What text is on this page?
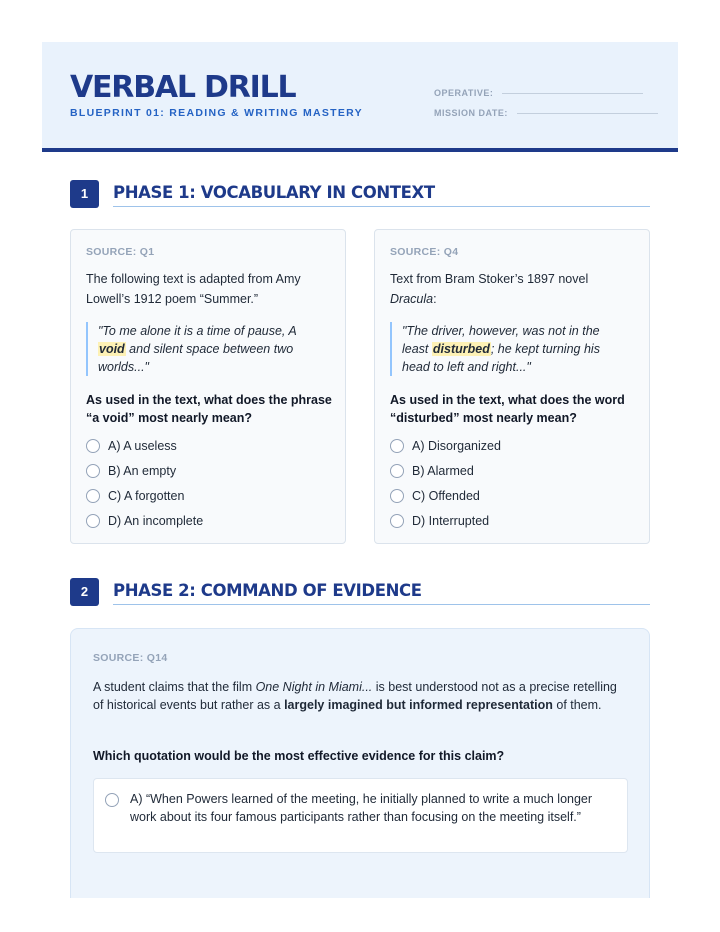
VERBAL DRILL
BLUEPRINT 01: READING & WRITING MASTERY
OPERATIVE:
MISSION DATE:
1	PHASE 1: VOCABULARY IN CONTEXT
SOURCE: Q1
The following text is adapted from Amy Lowell’s 1912 poem “Summer.”
"To me alone it is a time of pause, A void and silent space between two worlds..."
As used in the text, what does the phrase “a void” most nearly mean?
A) A useless
B) An empty
C) A forgotten
D) An incomplete
SOURCE: Q4
Text from Bram Stoker’s 1897 novel Dracula:
"The driver, however, was not in the least disturbed; he kept turning his head to left and right..."
As used in the text, what does the word “disturbed” most nearly mean?
A) Disorganized
B) Alarmed
C) Offended
D) Interrupted
2	PHASE 2: COMMAND OF EVIDENCE
SOURCE: Q14
A student claims that the film One Night in Miami... is best understood not as a precise retelling of historical events but rather as a largely imagined but informed representation of them.
Which quotation would be the most effective evidence for this claim?
A) “When Powers learned of the meeting, he initially planned to write a much longer work about its four famous participants rather than focusing on the meeting itself.”
